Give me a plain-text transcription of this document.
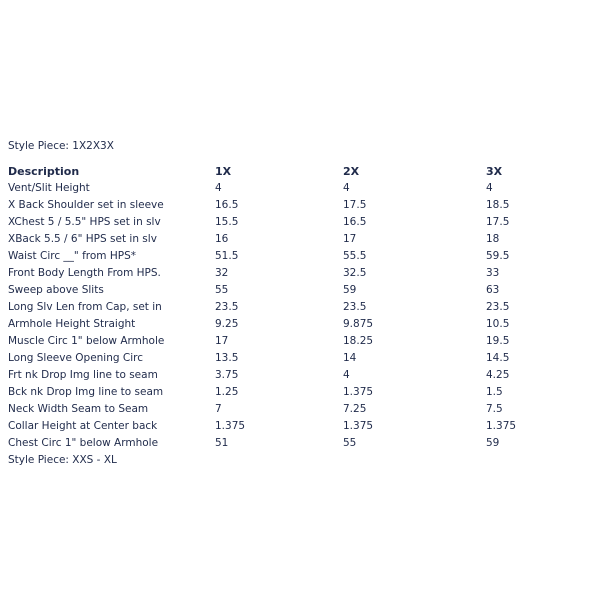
Style Piece: 1X2X3X
Description	1X	2X	3X
Vent/Slit Height	4	4	4
X Back Shoulder set in sleeve	16.5	17.5	18.5
XChest 5 / 5.5" HPS set in slv	15.5	16.5	17.5
XBack 5.5 / 6" HPS set in slv	16	17	18
Waist Circ __" from HPS*	51.5	55.5	59.5
Front Body Length From HPS.	32	32.5	33
Sweep above Slits	55	59	63
Long Slv Len from Cap, set in	23.5	23.5	23.5
Armhole Height Straight	9.25	9.875	10.5
Muscle Circ 1" below Armhole	17	18.25	19.5
Long Sleeve Opening Circ	13.5	14	14.5
Frt nk Drop Img line to seam	3.75	4	4.25
Bck nk Drop Img line to seam	1.25	1.375	1.5
Neck Width Seam to Seam	7	7.25	7.5
Collar Height at Center back	1.375	1.375	1.375
Chest Circ 1" below Armhole	51	55	59
Style Piece: XXS - XL
